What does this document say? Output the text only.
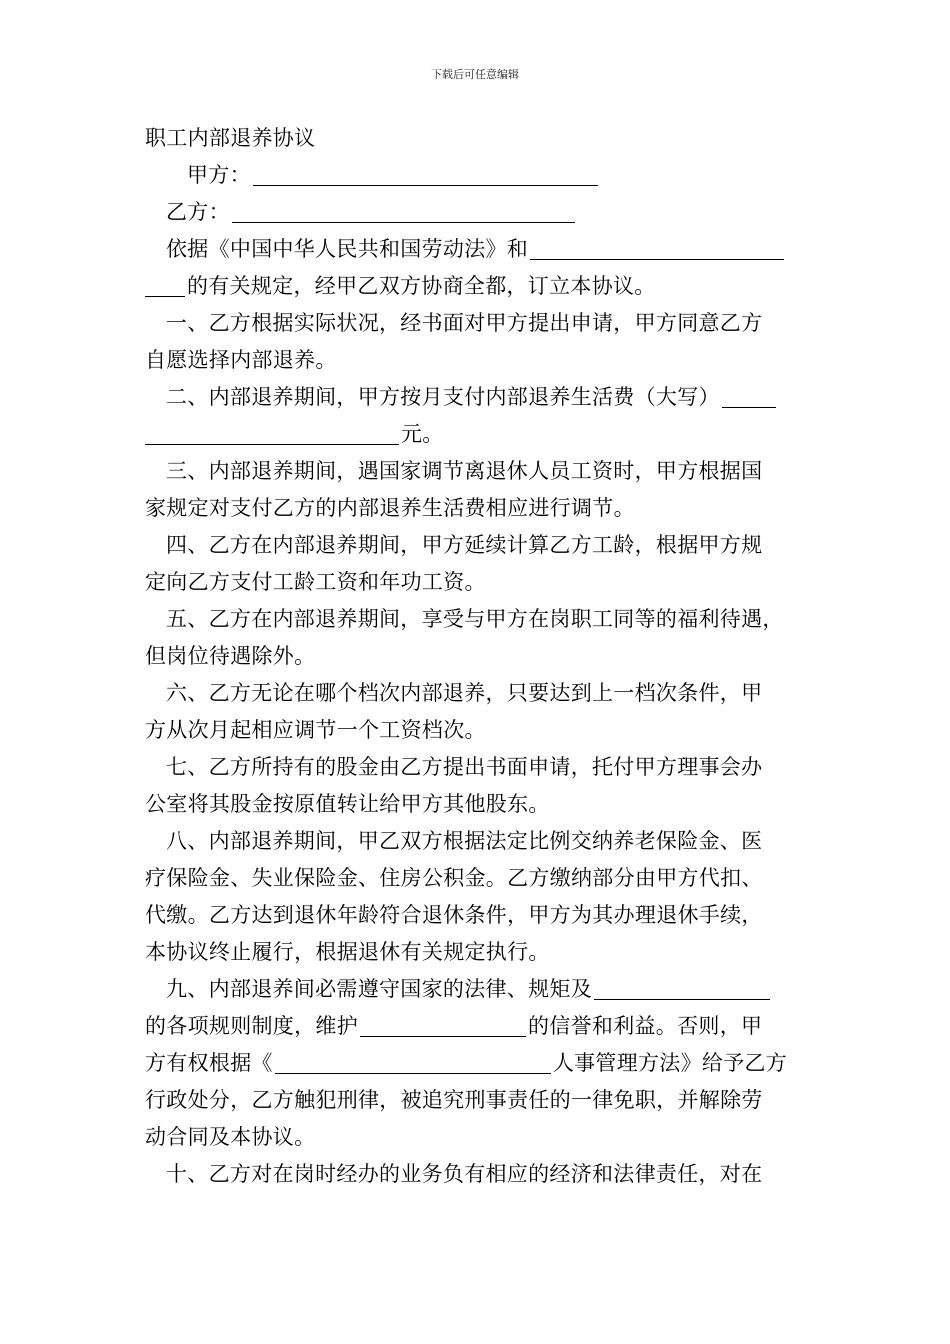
下载后可任意编辑
职工内部退养协议
甲方：
乙方：
依据《中国中华人民共和国劳动法》和
的有关规定，经甲乙双方协商全都，订立本协议。
一、乙方根据实际状况，经书面对甲方提出申请，甲方同意乙方
自愿选择内部退养。
二、内部退养期间，甲方按月支付内部退养生活费（大写）
元。
三、内部退养期间，遇国家调节离退休人员工资时，甲方根据国
家规定对支付乙方的内部退养生活费相应进行调节。
四、乙方在内部退养期间，甲方延续计算乙方工龄，根据甲方规
定向乙方支付工龄工资和年功工资。
五、乙方在内部退养期间，享受与甲方在岗职工同等的福利待遇，
但岗位待遇除外。
六、乙方无论在哪个档次内部退养，只要达到上一档次条件，甲
方从次月起相应调节一个工资档次。
七、乙方所持有的股金由乙方提出书面申请，托付甲方理事会办
公室将其股金按原值转让给甲方其他股东。
八、内部退养期间，甲乙双方根据法定比例交纳养老保险金、医
疗保险金、失业保险金、住房公积金。乙方缴纳部分由甲方代扣、
代缴。乙方达到退休年龄符合退休条件，甲方为其办理退休手续，
本协议终止履行，根据退休有关规定执行。
九、内部退养间必需遵守国家的法律、规矩及
的各项规则制度，维护	的信誉和利益。否则，甲
方有权根据《	人事管理方法》给予乙方
行政处分，乙方触犯刑律，被追究刑事责任的一律免职，并解除劳
动合同及本协议。
十、乙方对在岗时经办的业务负有相应的经济和法律责任，对在
